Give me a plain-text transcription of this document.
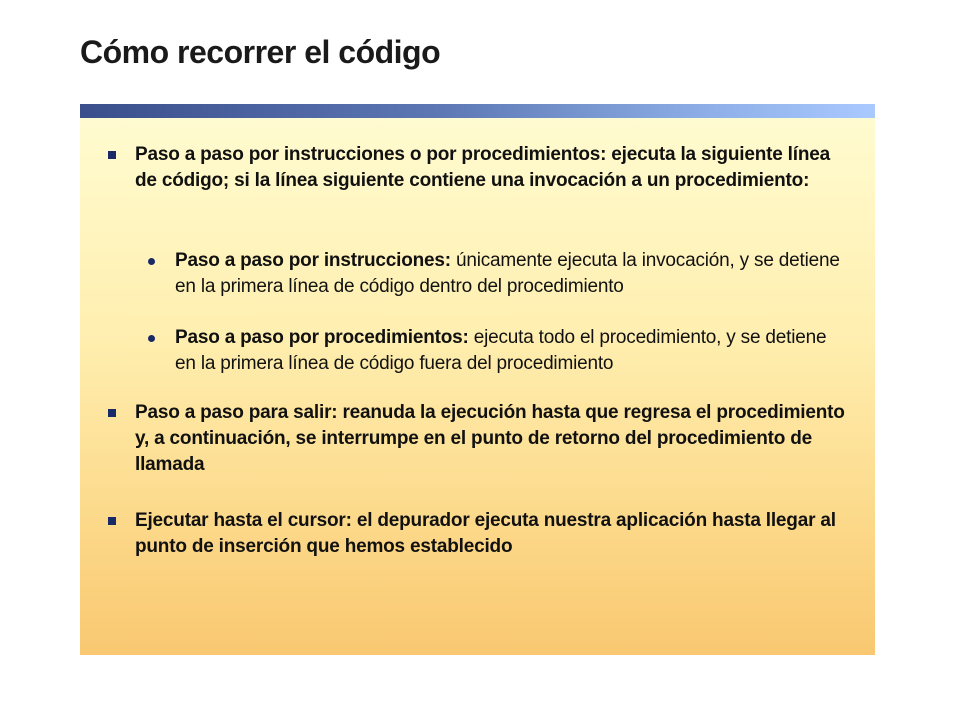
Cómo recorrer el código
Paso a paso por instrucciones o por procedimientos: ejecuta la siguiente línea de código; si la línea siguiente contiene una invocación a un procedimiento:
Paso a paso por instrucciones: únicamente ejecuta la invocación, y se detiene en la primera línea de código dentro del procedimiento
Paso a paso por procedimientos: ejecuta todo el procedimiento, y se detiene en la primera línea de código fuera del procedimiento
Paso a paso para salir: reanuda la ejecución hasta que regresa el procedimiento y, a continuación, se interrumpe en el punto de retorno del procedimiento de llamada
Ejecutar hasta el cursor: el depurador ejecuta nuestra aplicación hasta llegar al punto de inserción que hemos establecido
